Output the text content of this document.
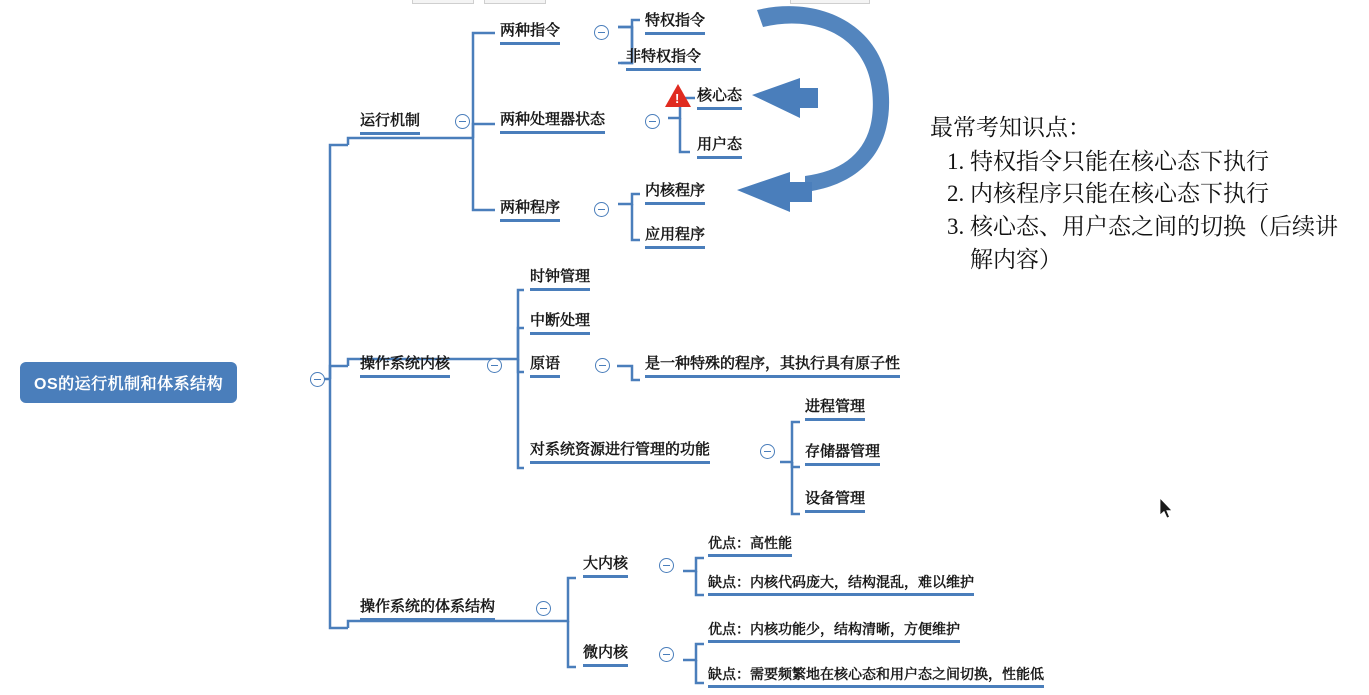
OS的运行机制和体系结构
运行机制
两种指令
特权指令
非特权指令
两种处理器状态
!
核心态
用户态
两种程序
内核程序
应用程序
操作系统内核
时钟管理
中断处理
原语	是一种特殊的程序，其执行具有原子性
对系统资源进行管理的功能
进程管理
存储器管理
设备管理
操作系统的体系结构
大内核
优点：高性能
缺点：内核代码庞大，结构混乱，难以维护
微内核
优点：内核功能少，结构清晰，方便维护
缺点：需要频繁地在核心态和用户态之间切换，性能低
最常考知识点：
1. 特权指令只能在核心态下执行
2. 内核程序只能在核心态下执行
3. 核心态、用户态之间的切换（后续讲解内容）
